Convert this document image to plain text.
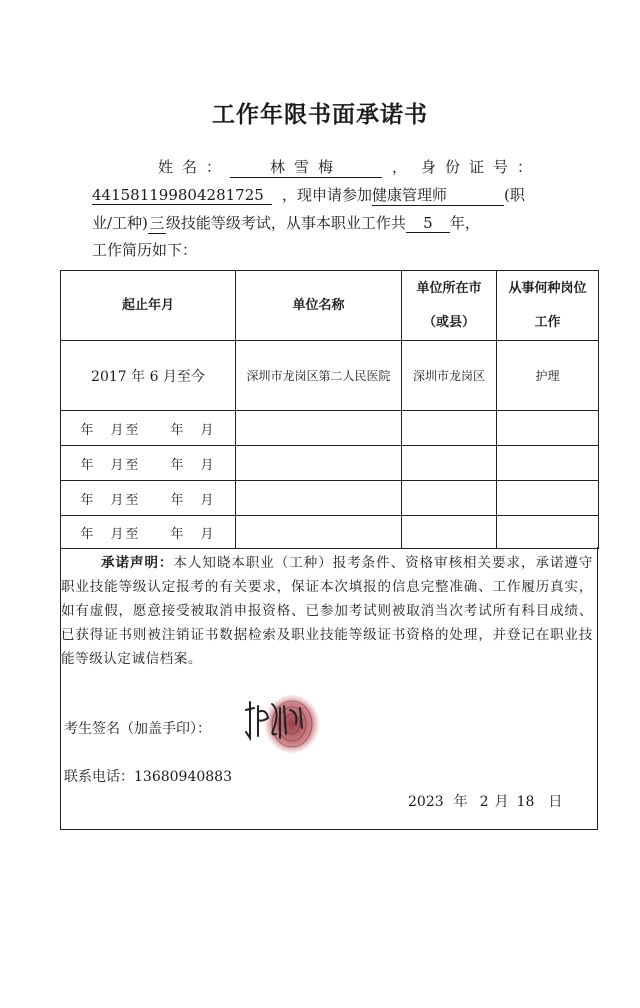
工作年限书面承诺书
姓名：	林雪梅	， 身份证号：
441581199804281725 ，现申请参加健康管理师	(职
业/工种)三 级技能等级考试，从事本职业工作共 5 年，
工作简历如下：
起止年月	单位名称	单位所在市（或县）	从事何种岗位工作
2017 年 6 月至今	深圳市龙岗区第二人民医院	深圳市龙岗区	护理
年　月至　　年　月			
年　月至　　年　月			
年　月至　　年　月			
年　月至　　年　月			
承诺声明：本人知晓本职业（工种）报考条件、资格审核相关要求，承诺遵守职业技能等级认定报考的有关要求，保证本次填报的信息完整准确、工作履历真实，如有虚假，愿意接受被取消申报资格、已参加考试则被取消当次考试所有科目成绩、已获得证书则被注销证书数据检索及职业技能等级证书资格的处理，并登记在职业技能等级认定诚信档案。
考生签名（加盖手印）：
联系电话：13680940883
2023 年 2 月 18 日
